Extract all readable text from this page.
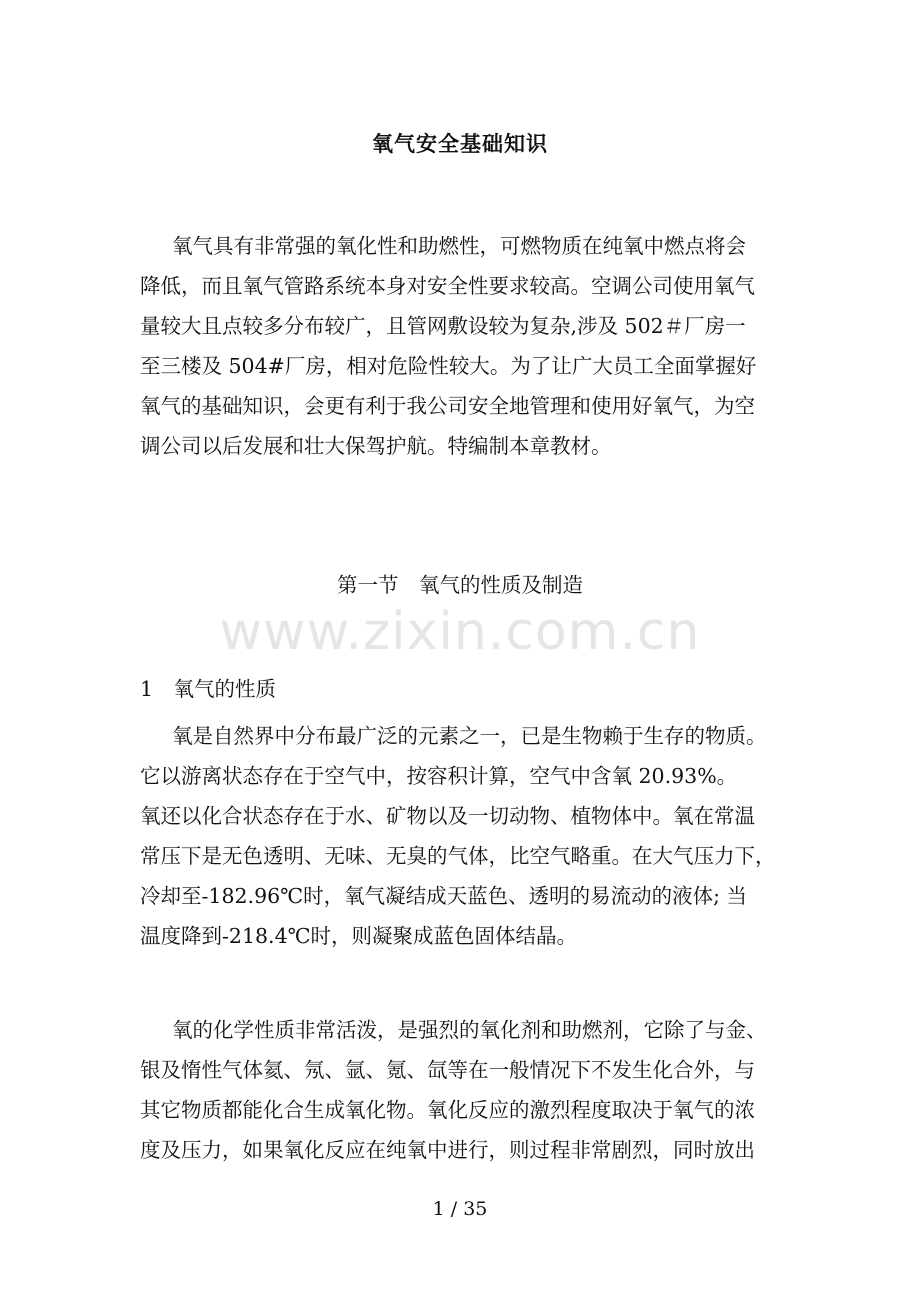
氧气安全基础知识
氧气具有非常强的氧化性和助燃性，可燃物质在纯氧中燃点将会
降低，而且氧气管路系统本身对安全性要求较高。空调公司使用氧气
量较大且点较多分布较广，且管网敷设较为复杂,涉及 502＃厂房一
至三楼及 504#厂房，相对危险性较大。为了让广大员工全面掌握好
氧气的基础知识，会更有利于我公司安全地管理和使用好氧气，为空
调公司以后发展和壮大保驾护航。特编制本章教材。
第一节　氧气的性质及制造
www.zixin.com.cn
1　氧气的性质
氧是自然界中分布最广泛的元素之一，已是生物赖于生存的物质。
它以游离状态存在于空气中，按容积计算，空气中含氧 20.93%。
氧还以化合状态存在于水、矿物以及一切动物、植物体中。氧在常温
常压下是无色透明、无味、无臭的气体，比空气略重。在大气压力下，
冷却至-182.96℃时，氧气凝结成天蓝色、透明的易流动的液体; 当
温度降到-218.4℃时，则凝聚成蓝色固体结晶。
氧的化学性质非常活泼，是强烈的氧化剂和助燃剂，它除了与金、
银及惰性气体氦、氖、氩、氪、氙等在一般情况下不发生化合外，与
其它物质都能化合生成氧化物。氧化反应的激烈程度取决于氧气的浓
度及压力，如果氧化反应在纯氧中进行，则过程非常剧烈，同时放出
1 / 35
